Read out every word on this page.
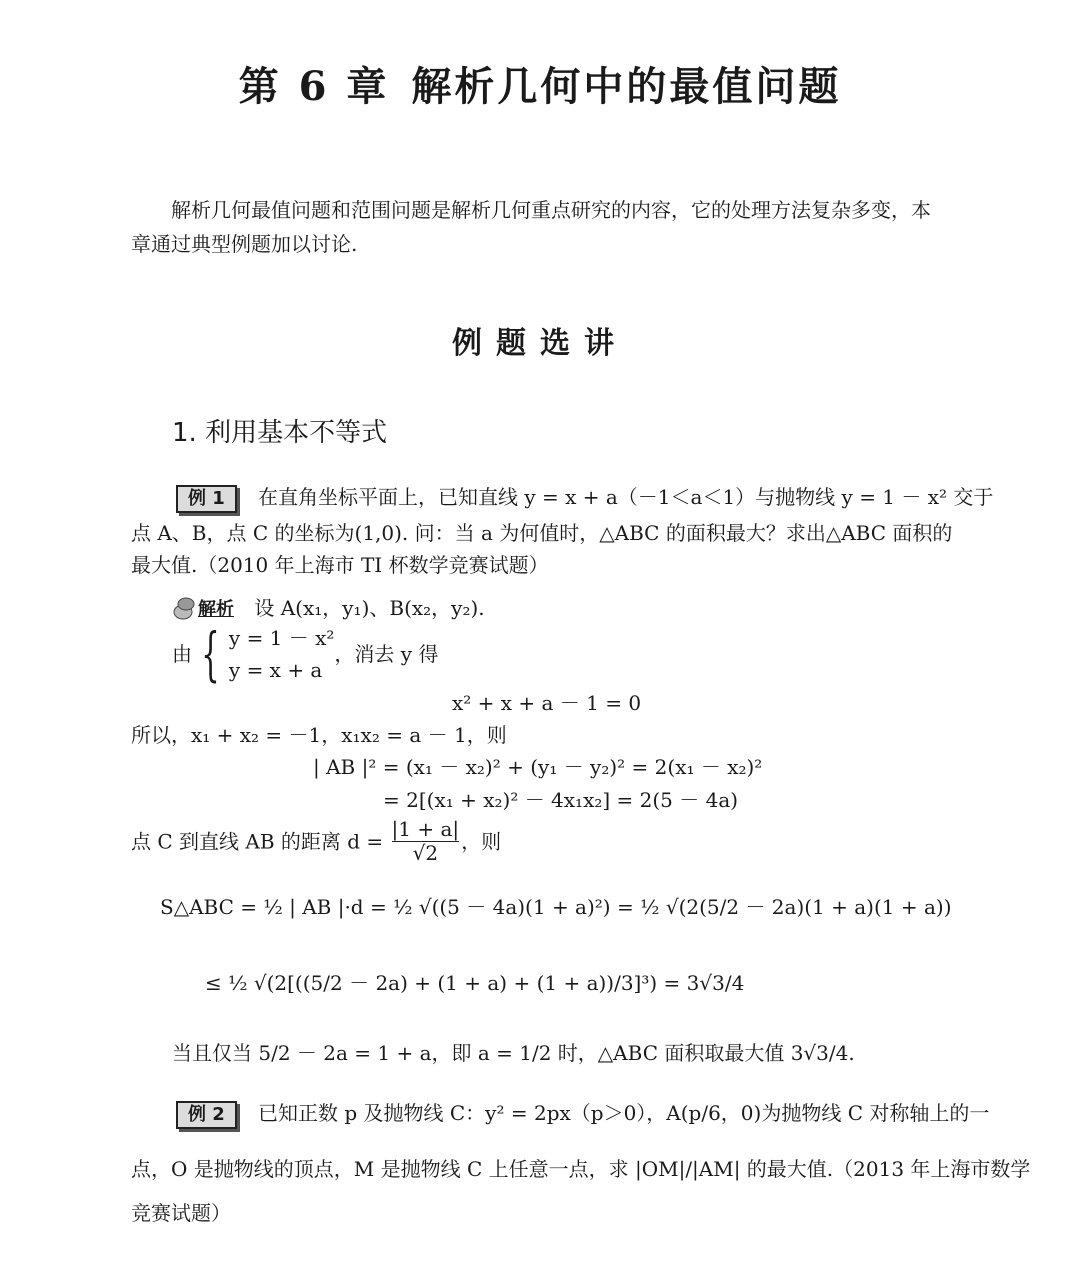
第 6 章 解析几何中的最值问题
解析几何最值问题和范围问题是解析几何重点研究的内容，它的处理方法复杂多变，本
章通过典型例题加以讨论.
例题选讲
1. 利用基本不等式
例 1	在直角坐标平面上，已知直线 y = x + a（－1＜a＜1）与抛物线 y = 1 － x² 交于
点 A、B，点 C 的坐标为(1,0). 问：当 a 为何值时，△ABC 的面积最大？求出△ABC 面积的
最大值.（2010 年上海市 TI 杯数学竞赛试题）
解析 设 A(x₁，y₁)、B(x₂，y₂).
由 { y = 1 － x²
y = x + a
，消去 y 得
x² + x + a － 1 = 0
所以，x₁ + x₂ = －1，x₁x₂ = a － 1，则
| AB |² = (x₁ － x₂)² + (y₁ － y₂)² = 2(x₁ － x₂)²
= 2[(x₁ + x₂)² － 4x₁x₂] = 2(5 － 4a)
点 C 到直线 AB 的距离 $d = \frac{|1 + a|}{√2}$ ，则
S△ABC = ½ | AB |·d = ½ √((5 － 4a)(1 + a)²) = ½ √(2(5/2 － 2a)(1 + a)(1 + a))
≤ ½ √(2[((5/2 － 2a) + (1 + a) + (1 + a))/3]³) = 3√3/4
当且仅当 5/2 － 2a = 1 + a，即 a = 1/2 时，△ABC 面积取最大值 3√3/4.
例 2	已知正数 p 及抛物线 C：y² = 2px（p＞0），A(p/6，0)为抛物线 C 对称轴上的一
点，O 是抛物线的顶点，M 是抛物线 C 上任意一点，求 |OM|/|AM| 的最大值.（2013 年上海市数学
竞赛试题）
